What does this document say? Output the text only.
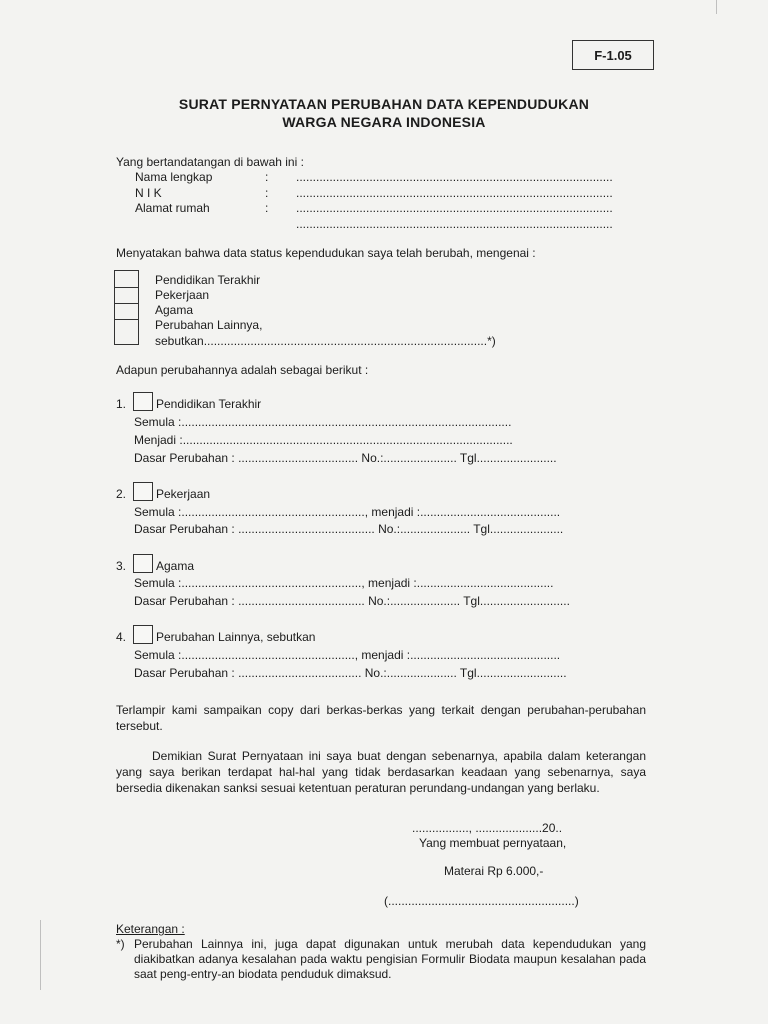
F-1.05
SURAT PERNYATAAN PERUBAHAN DATA KEPENDUDUKAN
WARGA NEGARA INDONESIA
Yang bertandatangan di bawah ini :
Nama lengkap	: ...............................................................................................
N I K	: ...............................................................................................
Alamat rumah	: ...............................................................................................
...............................................................................................
Menyatakan bahwa data status kependudukan saya telah berubah, mengenai :
Pendidikan Terakhir
Pekerjaan
Agama
Perubahan Lainnya,
sebutkan.....................................................................................*)
Adapun perubahannya adalah sebagai berikut :
1. Pendidikan Terakhir
Semula :...................................................................................................
Menjadi :...................................................................................................
Dasar Perubahan : .................................... No.:...................... Tgl........................
2. Pekerjaan
Semula :......................................................., menjadi :..........................................
Dasar Perubahan : ......................................... No.:..................... Tgl......................
3. Agama
Semula :......................................................, menjadi :.........................................
Dasar Perubahan : ...................................... No.:..................... Tgl...........................
4. Perubahan Lainnya, sebutkan
Semula :...................................................., menjadi :.............................................
Dasar Perubahan : ..................................... No.:..................... Tgl...........................
Terlampir kami sampaikan copy dari berkas-berkas yang terkait dengan perubahan-perubahan tersebut.
Demikian Surat Pernyataan ini saya buat dengan sebenarnya, apabila dalam keterangan yang saya berikan terdapat hal-hal yang tidak berdasarkan keadaan yang sebenarnya, saya bersedia dikenakan sanksi sesuai ketentuan peraturan perundang-undangan yang berlaku.
................., ....................20..
Yang membuat pernyataan,
Materai Rp 6.000,-
(........................................................)
Keterangan :
*) Perubahan Lainnya ini, juga dapat digunakan untuk merubah data kependudukan yang diakibatkan adanya kesalahan pada waktu pengisian Formulir Biodata maupun kesalahan pada saat peng-entry-an biodata penduduk dimaksud.
